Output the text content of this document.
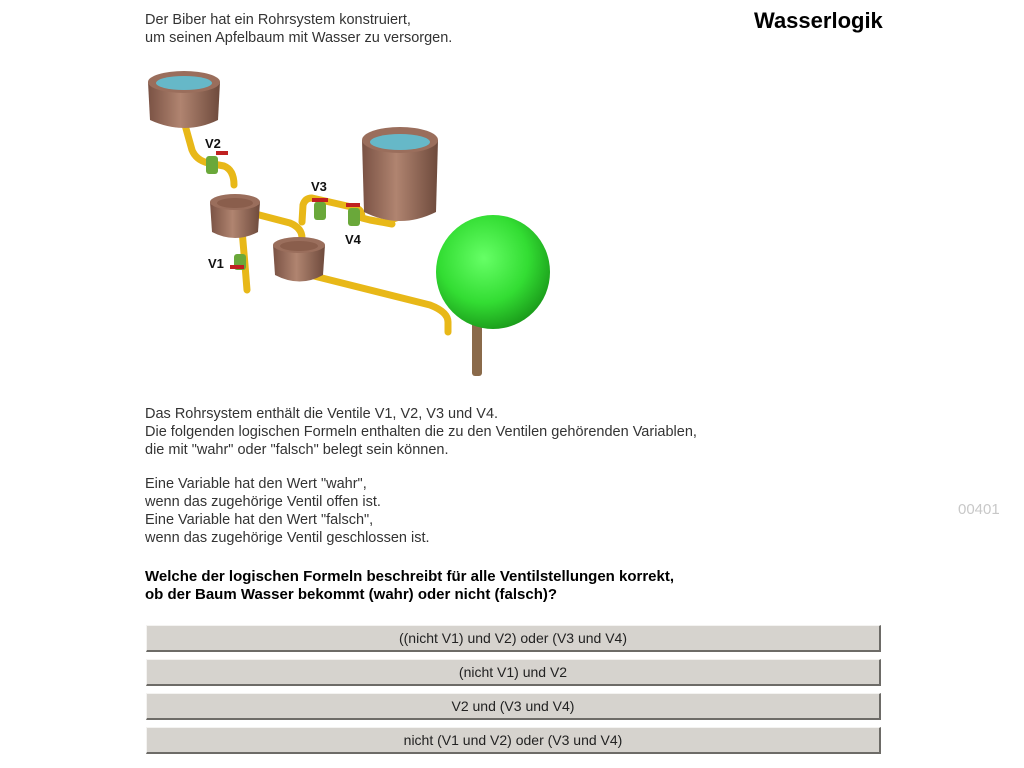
Wasserlogik
00401
Der Biber hat ein Rohrsystem konstruiert,
um seinen Apfelbaum mit Wasser zu versorgen.
V2
V1
V3
V4
Das Rohrsystem enthält die Ventile V1, V2, V3 und V4.
Die folgenden logischen Formeln enthalten die zu den Ventilen gehörenden Variablen,
die mit "wahr" oder "falsch" belegt sein können.
Eine Variable hat den Wert "wahr",
wenn das zugehörige Ventil offen ist.
Eine Variable hat den Wert "falsch",
wenn das zugehörige Ventil geschlossen ist.
Welche der logischen Formeln beschreibt für alle Ventilstellungen korrekt,
ob der Baum Wasser bekommt (wahr) oder nicht (falsch)?
((nicht V1) und V2) oder (V3 und V4)
(nicht V1) und V2
V2 und (V3 und V4)
nicht (V1 und V2) oder (V3 und V4)
